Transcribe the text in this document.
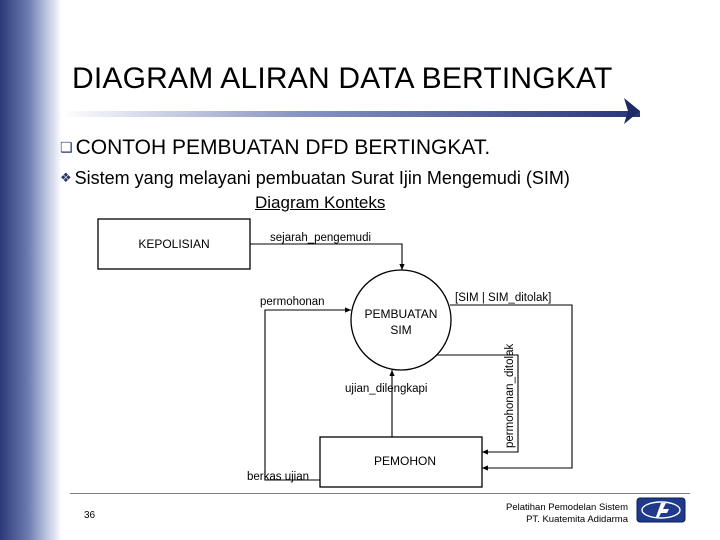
DIAGRAM ALIRAN DATA BERTINGKAT
❑ CONTOH PEMBUATAN DFD BERTINGKAT.
❖ Sistem yang melayani pembuatan Surat Ijin Mengemudi (SIM)
Diagram Konteks
KEPOLISIAN
PEMBUATAN
SIM
PEMOHON
sejarah_pengemudi
permohonan	[SIM | SIM_ditolak]
permohonan_ditolak
ujian_dilengkapi
berkas ujian
36
Pelatihan Pemodelan Sistem
PT. Kuatemita Adidarma
